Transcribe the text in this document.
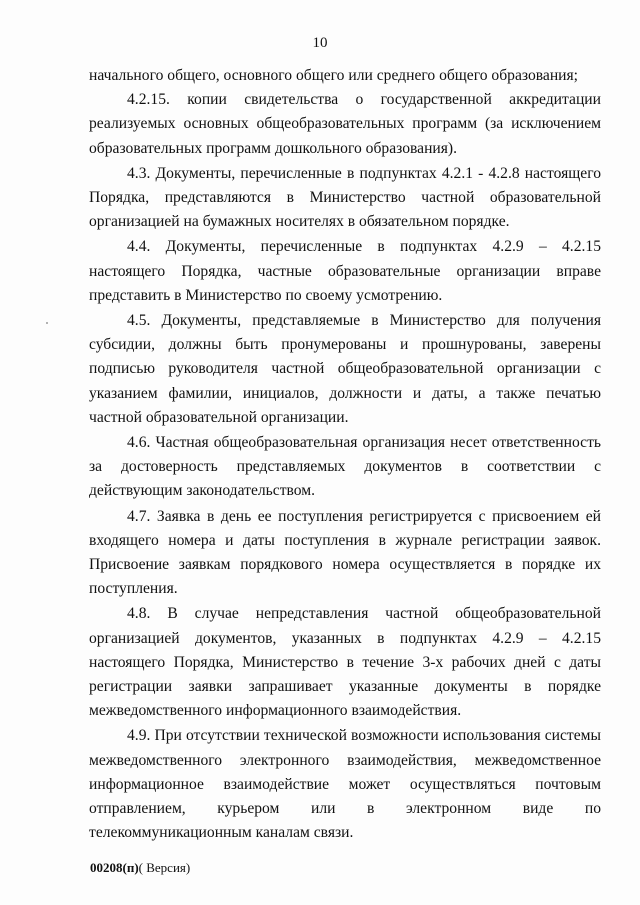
10

начального общего, основного общего или среднего общего образования;

4.2.15. копии свидетельства о государственной аккредитации реализуемых основных общеобразовательных программ (за исключением образовательных программ дошкольного образования).

4.3. Документы, перечисленные в подпунктах 4.2.1 - 4.2.8 настоящего Порядка, представляются в Министерство частной образовательной организацией на бумажных носителях в обязательном порядке.

4.4. Документы, перечисленные в подпунктах 4.2.9 – 4.2.15 настоящего Порядка, частные образовательные организации вправе представить в Министерство по своему усмотрению.

4.5. Документы, представляемые в Министерство для получения субсидии, должны быть пронумерованы и прошнурованы, заверены подписью руководителя частной общеобразовательной организации с указанием фамилии, инициалов, должности и даты, а также печатью частной образовательной организации.

4.6. Частная общеобразовательная организация несет ответственность за достоверность представляемых документов в соответствии с действующим законодательством.

4.7. Заявка в день ее поступления регистрируется с присвоением ей входящего номера и даты поступления в журнале регистрации заявок. Присвоение заявкам порядкового номера осуществляется в порядке их поступления.

4.8. В случае непредставления частной общеобразовательной организацией документов, указанных в подпунктах 4.2.9 – 4.2.15 настоящего Порядка, Министерство в течение 3-х рабочих дней с даты регистрации заявки запрашивает указанные документы в порядке межведомственного информационного взаимодействия.

4.9. При отсутствии технической возможности использования системы межведомственного электронного взаимодействия, межведомственное информационное взаимодействие может осуществляться почтовым отправлением, курьером или в электронном виде по телекоммуникационным каналам связи.

00208(п)( Версия)
